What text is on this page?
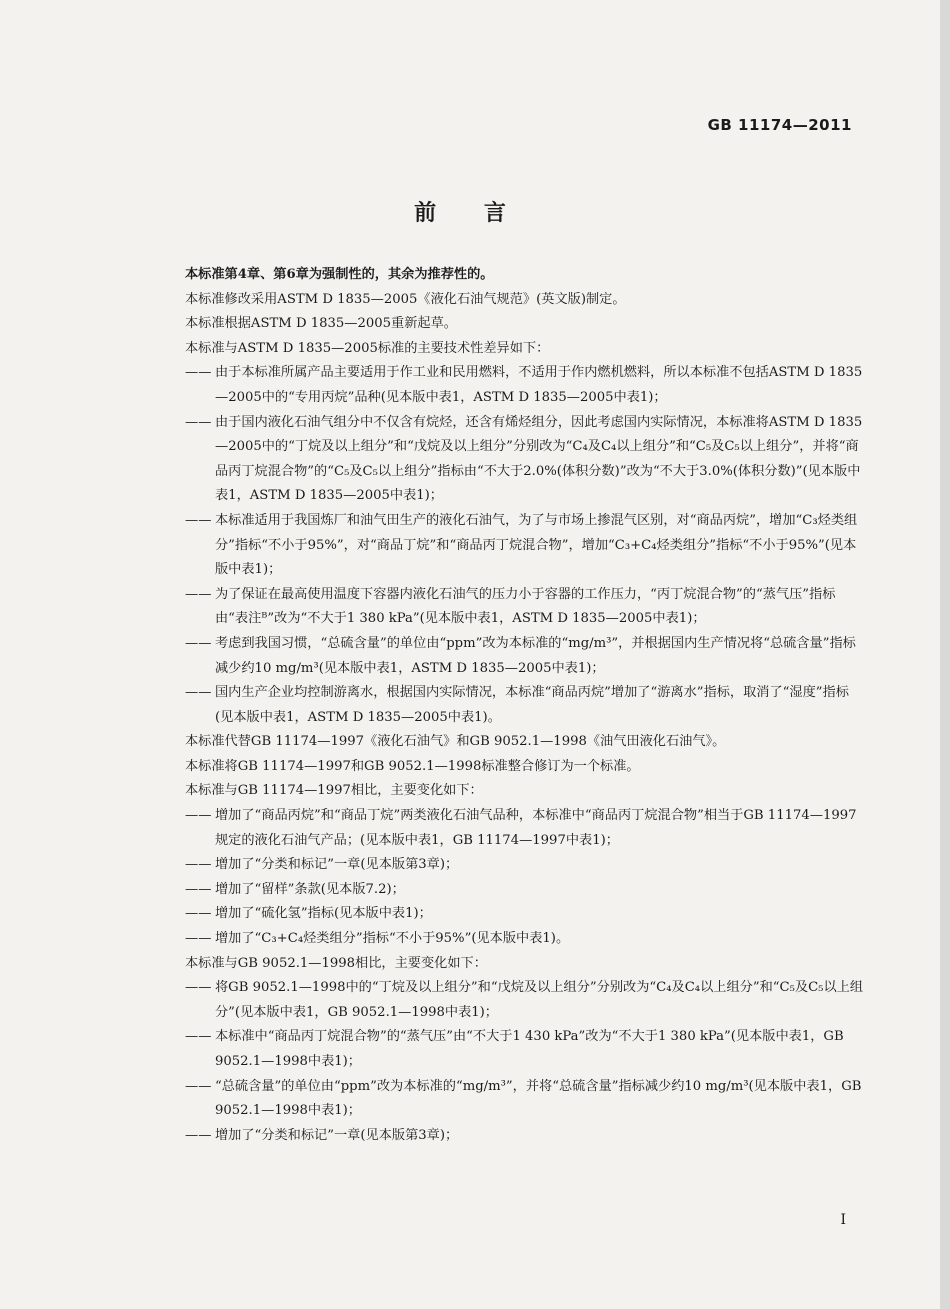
GB 11174—2011
前 言
本标准第4章、第6章为强制性的，其余为推荐性的。
本标准修改采用ASTM D 1835—2005《液化石油气规范》(英文版)制定。
本标准根据ASTM D 1835—2005重新起草。
本标准与ASTM D 1835—2005标准的主要技术性差异如下：
—— 由于本标准所属产品主要适用于作工业和民用燃料，不适用于作内燃机燃料，所以本标准不包括ASTM D 1835—2005中的“专用丙烷”品种(见本版中表1，ASTM D 1835—2005中表1)；
—— 由于国内液化石油气组分中不仅含有烷烃，还含有烯烃组分，因此考虑国内实际情况，本标准将ASTM D 1835—2005中的“丁烷及以上组分”和“戊烷及以上组分”分别改为“C₄及C₄以上组分”和“C₅及C₅以上组分”，并将“商品丙丁烷混合物”的“C₅及C₅以上组分”指标由“不大于2.0%(体积分数)”改为“不大于3.0%(体积分数)”(见本版中表1，ASTM D 1835—2005中表1)；
—— 本标准适用于我国炼厂和油气田生产的液化石油气，为了与市场上掺混气区别，对“商品丙烷”，增加“C₃烃类组分”指标“不小于95%”，对“商品丁烷”和“商品丙丁烷混合物”，增加“C₃+C₄烃类组分”指标“不小于95%”(见本版中表1)；
—— 为了保证在最高使用温度下容器内液化石油气的压力小于容器的工作压力，“丙丁烷混合物”的“蒸气压”指标由“表注ᴮ”改为“不大于1 380 kPa”(见本版中表1，ASTM D 1835—2005中表1)；
—— 考虑到我国习惯，“总硫含量”的单位由“ppm”改为本标准的“mg/m³”，并根据国内生产情况将“总硫含量”指标减少约10 mg/m³(见本版中表1，ASTM D 1835—2005中表1)；
—— 国内生产企业均控制游离水，根据国内实际情况，本标准“商品丙烷”增加了“游离水”指标，取消了“湿度”指标(见本版中表1，ASTM D 1835—2005中表1)。
本标准代替GB 11174—1997《液化石油气》和GB 9052.1—1998《油气田液化石油气》。
本标准将GB 11174—1997和GB 9052.1—1998标准整合修订为一个标准。
本标准与GB 11174—1997相比，主要变化如下：
—— 增加了“商品丙烷”和“商品丁烷”两类液化石油气品种，本标准中“商品丙丁烷混合物”相当于GB 11174—1997规定的液化石油气产品；(见本版中表1，GB 11174—1997中表1)；
—— 增加了“分类和标记”一章(见本版第3章)；
—— 增加了“留样”条款(见本版7.2)；
—— 增加了“硫化氢”指标(见本版中表1)；
—— 增加了“C₃+C₄烃类组分”指标“不小于95%”(见本版中表1)。
本标准与GB 9052.1—1998相比，主要变化如下：
—— 将GB 9052.1—1998中的“丁烷及以上组分”和“戊烷及以上组分”分别改为“C₄及C₄以上组分”和“C₅及C₅以上组分”(见本版中表1，GB 9052.1—1998中表1)；
—— 本标准中“商品丙丁烷混合物”的“蒸气压”由“不大于1 430 kPa”改为“不大于1 380 kPa”(见本版中表1，GB 9052.1—1998中表1)；
—— “总硫含量”的单位由“ppm”改为本标准的“mg/m³”，并将“总硫含量”指标减少约10 mg/m³(见本版中表1，GB 9052.1—1998中表1)；
—— 增加了“分类和标记”一章(见本版第3章)；
I
